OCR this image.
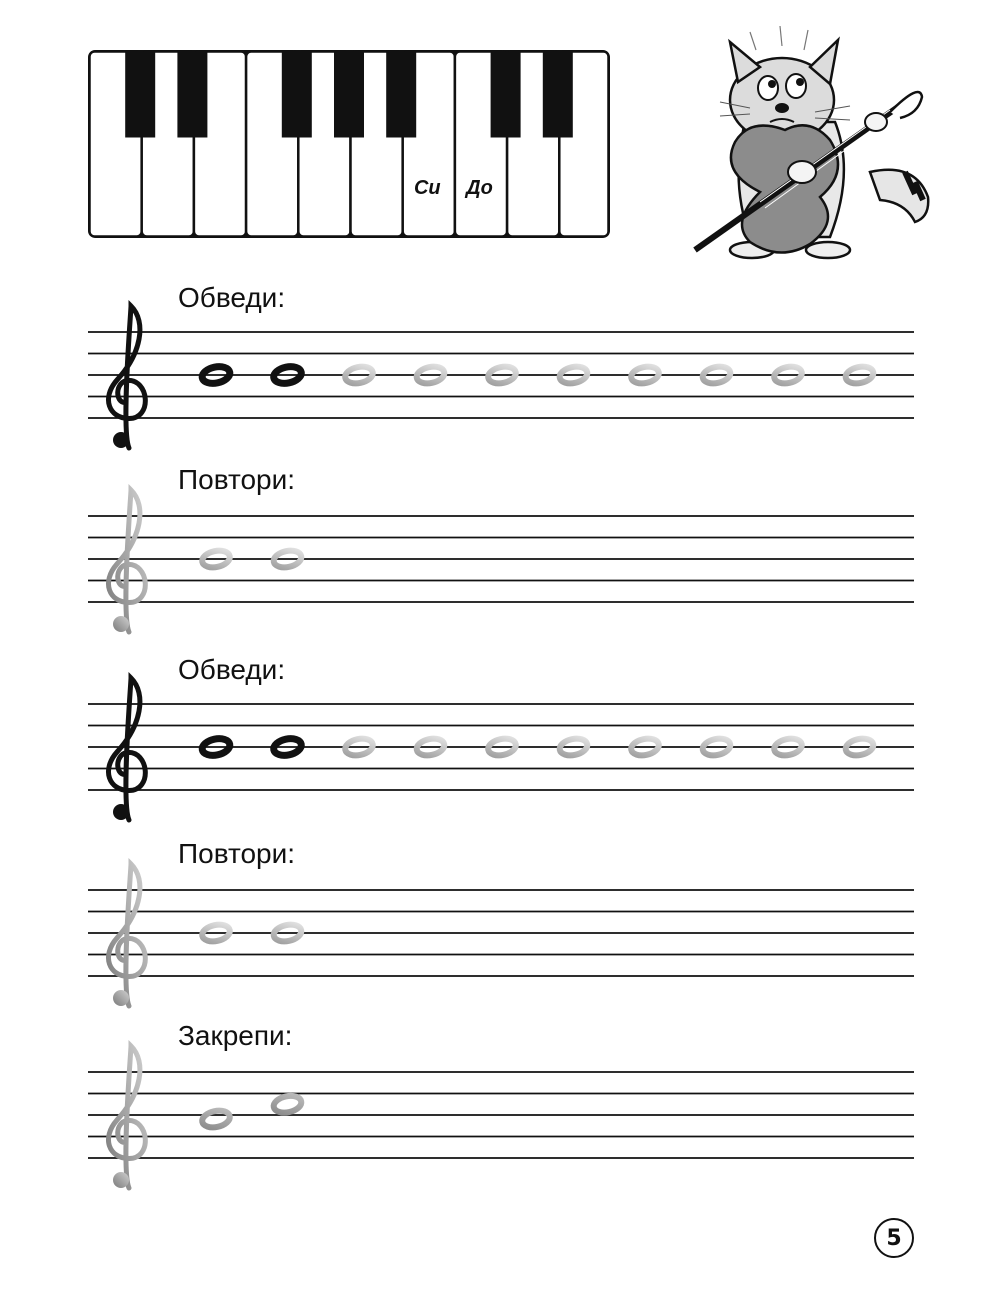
Си До
Обведи:
Повтори:
Обведи:
Повтори:
Закрепи:
5
